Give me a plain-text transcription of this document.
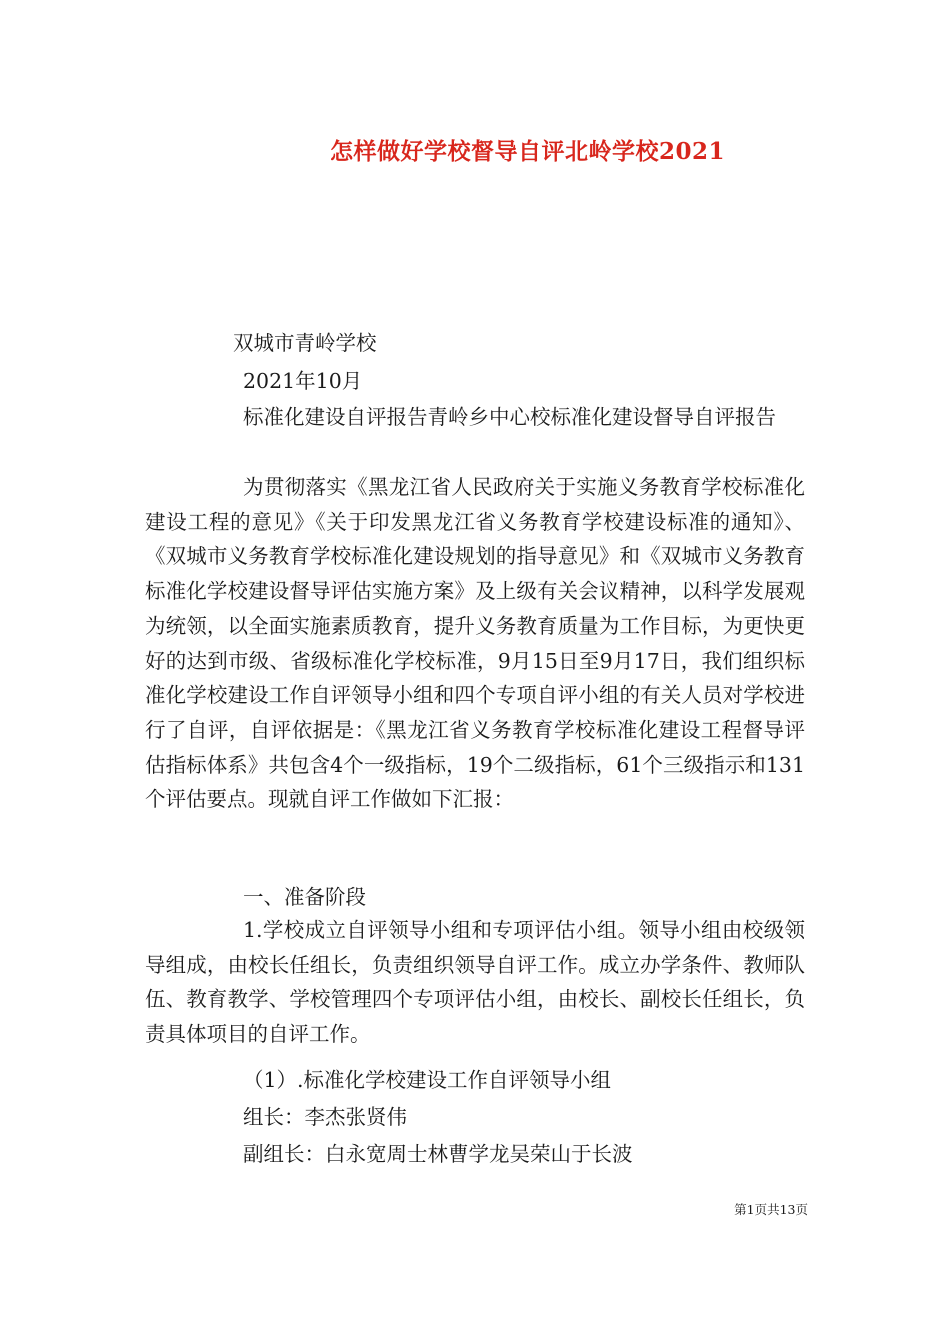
怎样做好学校督导自评北岭学校2021
双城市青岭学校
2021年10月
标准化建设自评报告青岭乡中心校标准化建设督导自评报告
为贯彻落实《黑龙江省人民政府关于实施义务教育学校标准化建设工程的意见》《关于印发黑龙江省义务教育学校建设标准的通知》、《双城市义务教育学校标准化建设规划的指导意见》和《双城市义务教育标准化学校建设督导评估实施方案》及上级有关会议精神，以科学发展观为统领，以全面实施素质教育，提升义务教育质量为工作目标，为更快更好的达到市级、省级标准化学校标准，9月15日至9月17日，我们组织标准化学校建设工作自评领导小组和四个专项自评小组的有关人员对学校进行了自评，自评依据是：《黑龙江省义务教育学校标准化建设工程督导评估指标体系》共包含4个一级指标，19个二级指标，61个三级指示和131个评估要点。现就自评工作做如下汇报：
一、准备阶段
1.学校成立自评领导小组和专项评估小组。领导小组由校级领导组成，由校长任组长，负责组织领导自评工作。成立办学条件、教师队伍、教育教学、学校管理四个专项评估小组，由校长、副校长任组长，负责具体项目的自评工作。
（1）.标准化学校建设工作自评领导小组
组长：李杰张贤伟
副组长：白永宽周士林曹学龙吴荣山于长波
第1页共13页
